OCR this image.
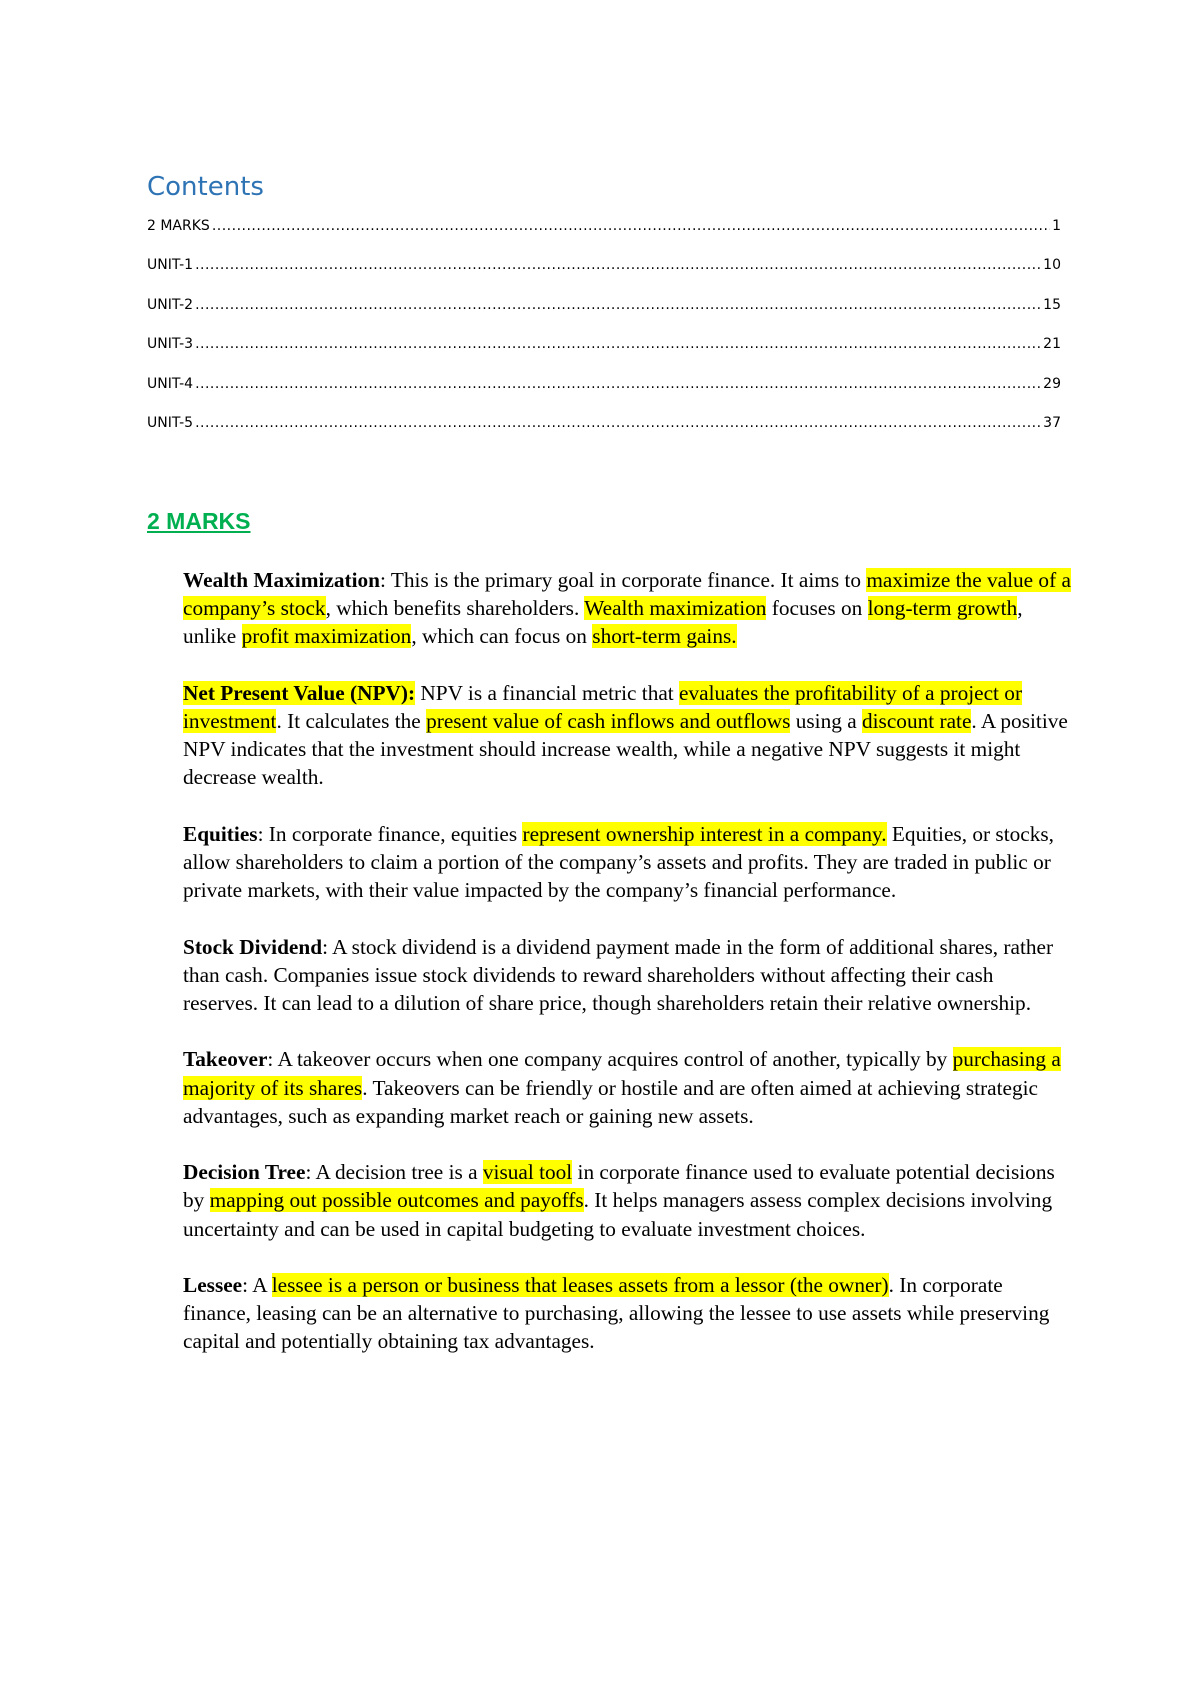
Contents
2 MARKS .....	1
UNIT-1 .....	10
UNIT-2 .....	15
UNIT-3 .....	21
UNIT-4 .....	29
UNIT-5 .....	37
2 MARKS

Wealth Maximization: This is the primary goal in corporate finance. It aims to maximize the value of a company’s stock, which benefits shareholders. Wealth maximization focuses on long-term growth, unlike profit maximization, which can focus on short-term gains.

Net Present Value (NPV): NPV is a financial metric that evaluates the profitability of a project or investment. It calculates the present value of cash inflows and outflows using a discount rate. A positive NPV indicates that the investment should increase wealth, while a negative NPV suggests it might decrease wealth.

Equities: In corporate finance, equities represent ownership interest in a company. Equities, or stocks, allow shareholders to claim a portion of the company’s assets and profits. They are traded in public or private markets, with their value impacted by the company’s financial performance.

Stock Dividend: A stock dividend is a dividend payment made in the form of additional shares, rather than cash. Companies issue stock dividends to reward shareholders without affecting their cash reserves. It can lead to a dilution of share price, though shareholders retain their relative ownership.

Takeover: A takeover occurs when one company acquires control of another, typically by purchasing a majority of its shares. Takeovers can be friendly or hostile and are often aimed at achieving strategic advantages, such as expanding market reach or gaining new assets.

Decision Tree: A decision tree is a visual tool in corporate finance used to evaluate potential decisions by mapping out possible outcomes and payoffs. It helps managers assess complex decisions involving uncertainty and can be used in capital budgeting to evaluate investment choices.

Lessee: A lessee is a person or business that leases assets from a lessor (the owner). In corporate finance, leasing can be an alternative to purchasing, allowing the lessee to use assets while preserving capital and potentially obtaining tax advantages.
